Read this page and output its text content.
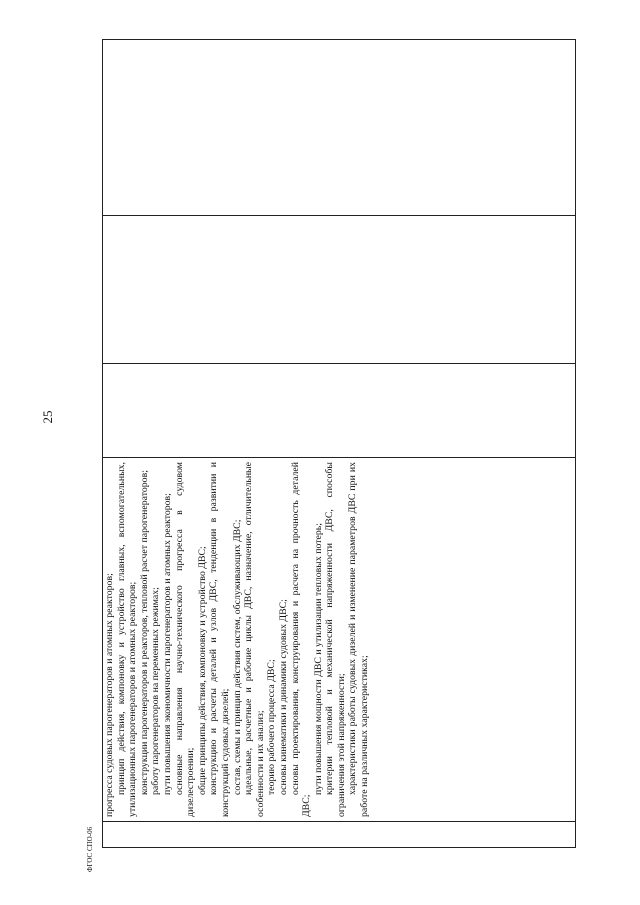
25

прогресса судовых парогенераторов и атомных реакторов; принцип действия, компоновку и устройство главных, вспомогательных, утилизационных парогенераторов и атомных реакторов; конструкции парогенераторов и реакторов, тепловой расчет парогенераторов; работу парогенераторов на переменных режимах; пути повышения экономичности парогенераторов и атомных реакторов; основные направления научно-технического прогресса в судовом дизелестроении; общие принципы действия, компоновку и устройство ДВС; конструкцию и расчеты деталей и узлов ДВС, тенденции в развитии и конструкций судовых дизелей; состав, схемы и принцип действия систем, обслуживающих ДВС; идеальные, расчетные и рабочие циклы ДВС, назначение, отличительные особенности и их анализ; теорию рабочего процесса ДВС; основы кинематики и динамики судовых ДВС; основы проектирования, конструирования и расчета на прочность деталей ДВС;
пути повышения мощности ДВС и утилизации тепловых потерь; критерии тепловой и механической напряженности ДВС, способы ограничения этой напряженности; характеристики работы судовых дизелей и изменение параметров ДВС при их работе на различных характеристиках;

ФГОС СПО-06
